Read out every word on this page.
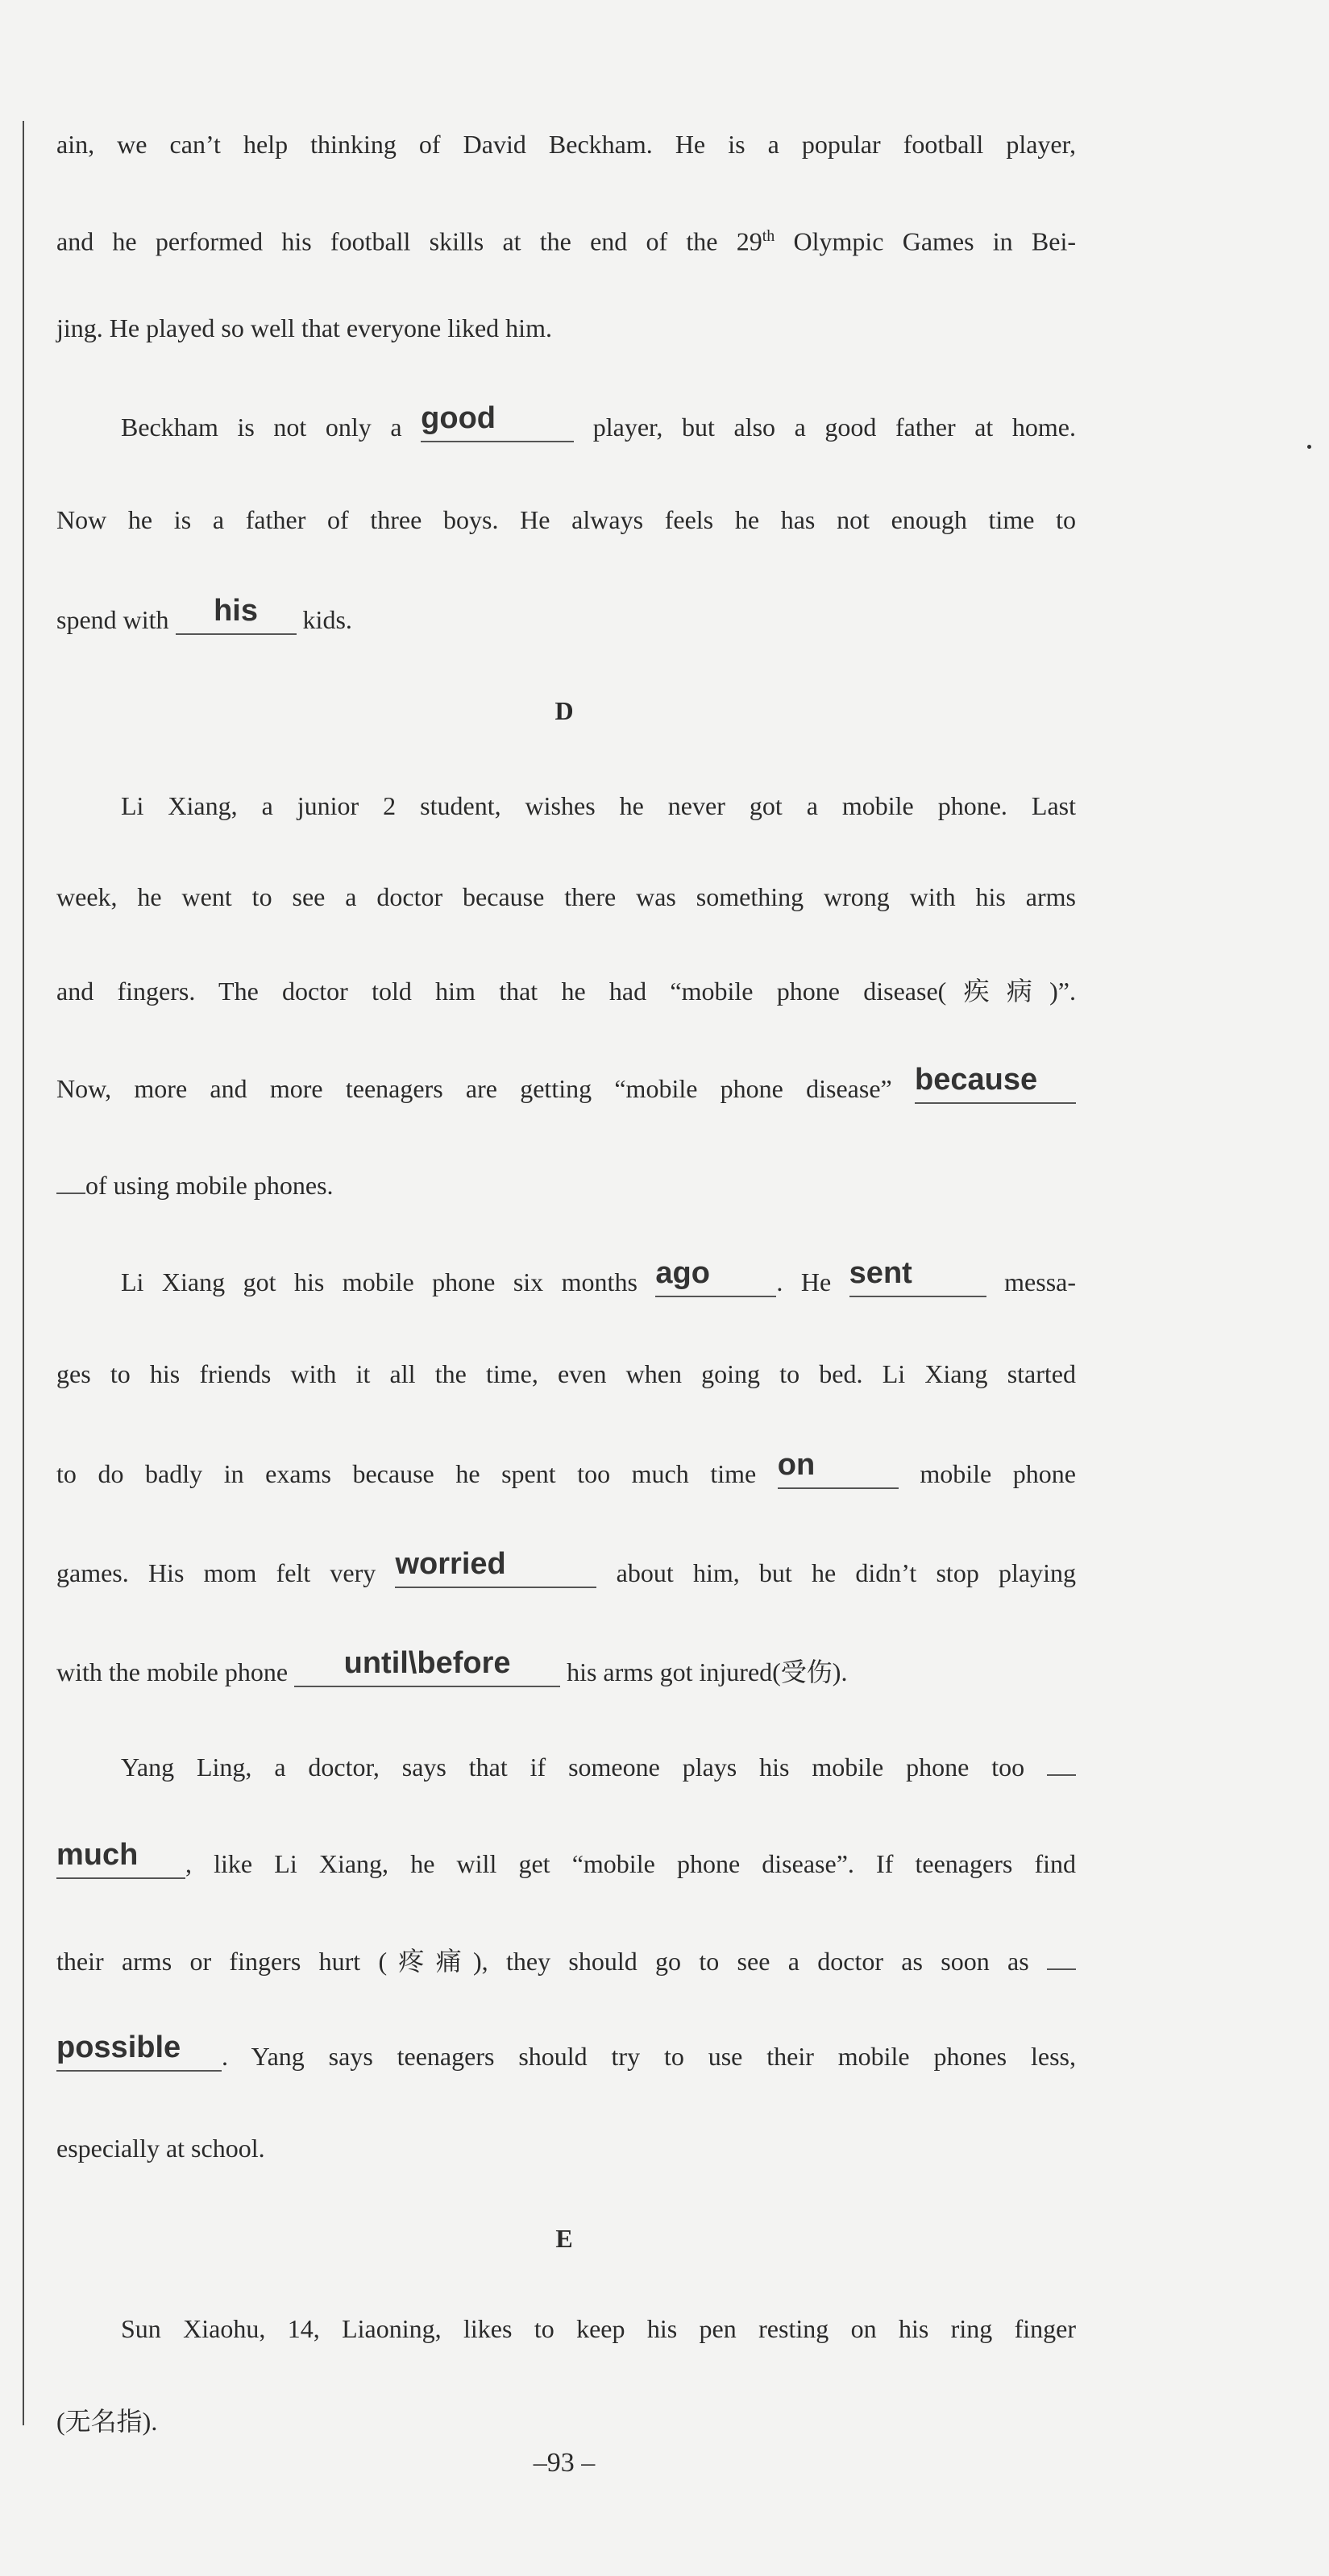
ain, we can’t help thinking of David Beckham. He is a popular football player,
and he performed his football skills at the end of the 29th Olympic Games in Bei-
jing. He played so well that everyone liked him.
Beckham is not only a good	player, but also a good father at home.
Now he is a father of three boys. He always feels he has not enough time to
spend with his kids.
D
Li Xiang, a junior 2 student, wishes he never got a mobile phone. Last
week, he went to see a doctor because there was something wrong with his arms
and fingers. The doctor told him that he had “mobile phone disease(疾病)”.
Now, more and more teenagers are getting “mobile phone disease” because
of using mobile phones.
Li Xiang got his mobile phone six months ago	. He sent	messa-
ges to his friends with it all the time, even when going to bed. Li Xiang started
to do badly in exams because he spent too much time on	mobile phone
games. His mom felt very worried	about him, but he didn’t stop playing
with the mobile phone until\before his arms got injured(受伤).
Yang Ling, a doctor, says that if someone plays his mobile phone too
much , like Li Xiang, he will get “mobile phone disease”. If teenagers find
their arms or fingers hurt (疼痛), they should go to see a doctor as soon as
possible . Yang says teenagers should try to use their mobile phones less,
especially at school.
E
Sun Xiaohu, 14, Liaoning, likes to keep his pen resting on his ring finger
(无名指).
–93 –
